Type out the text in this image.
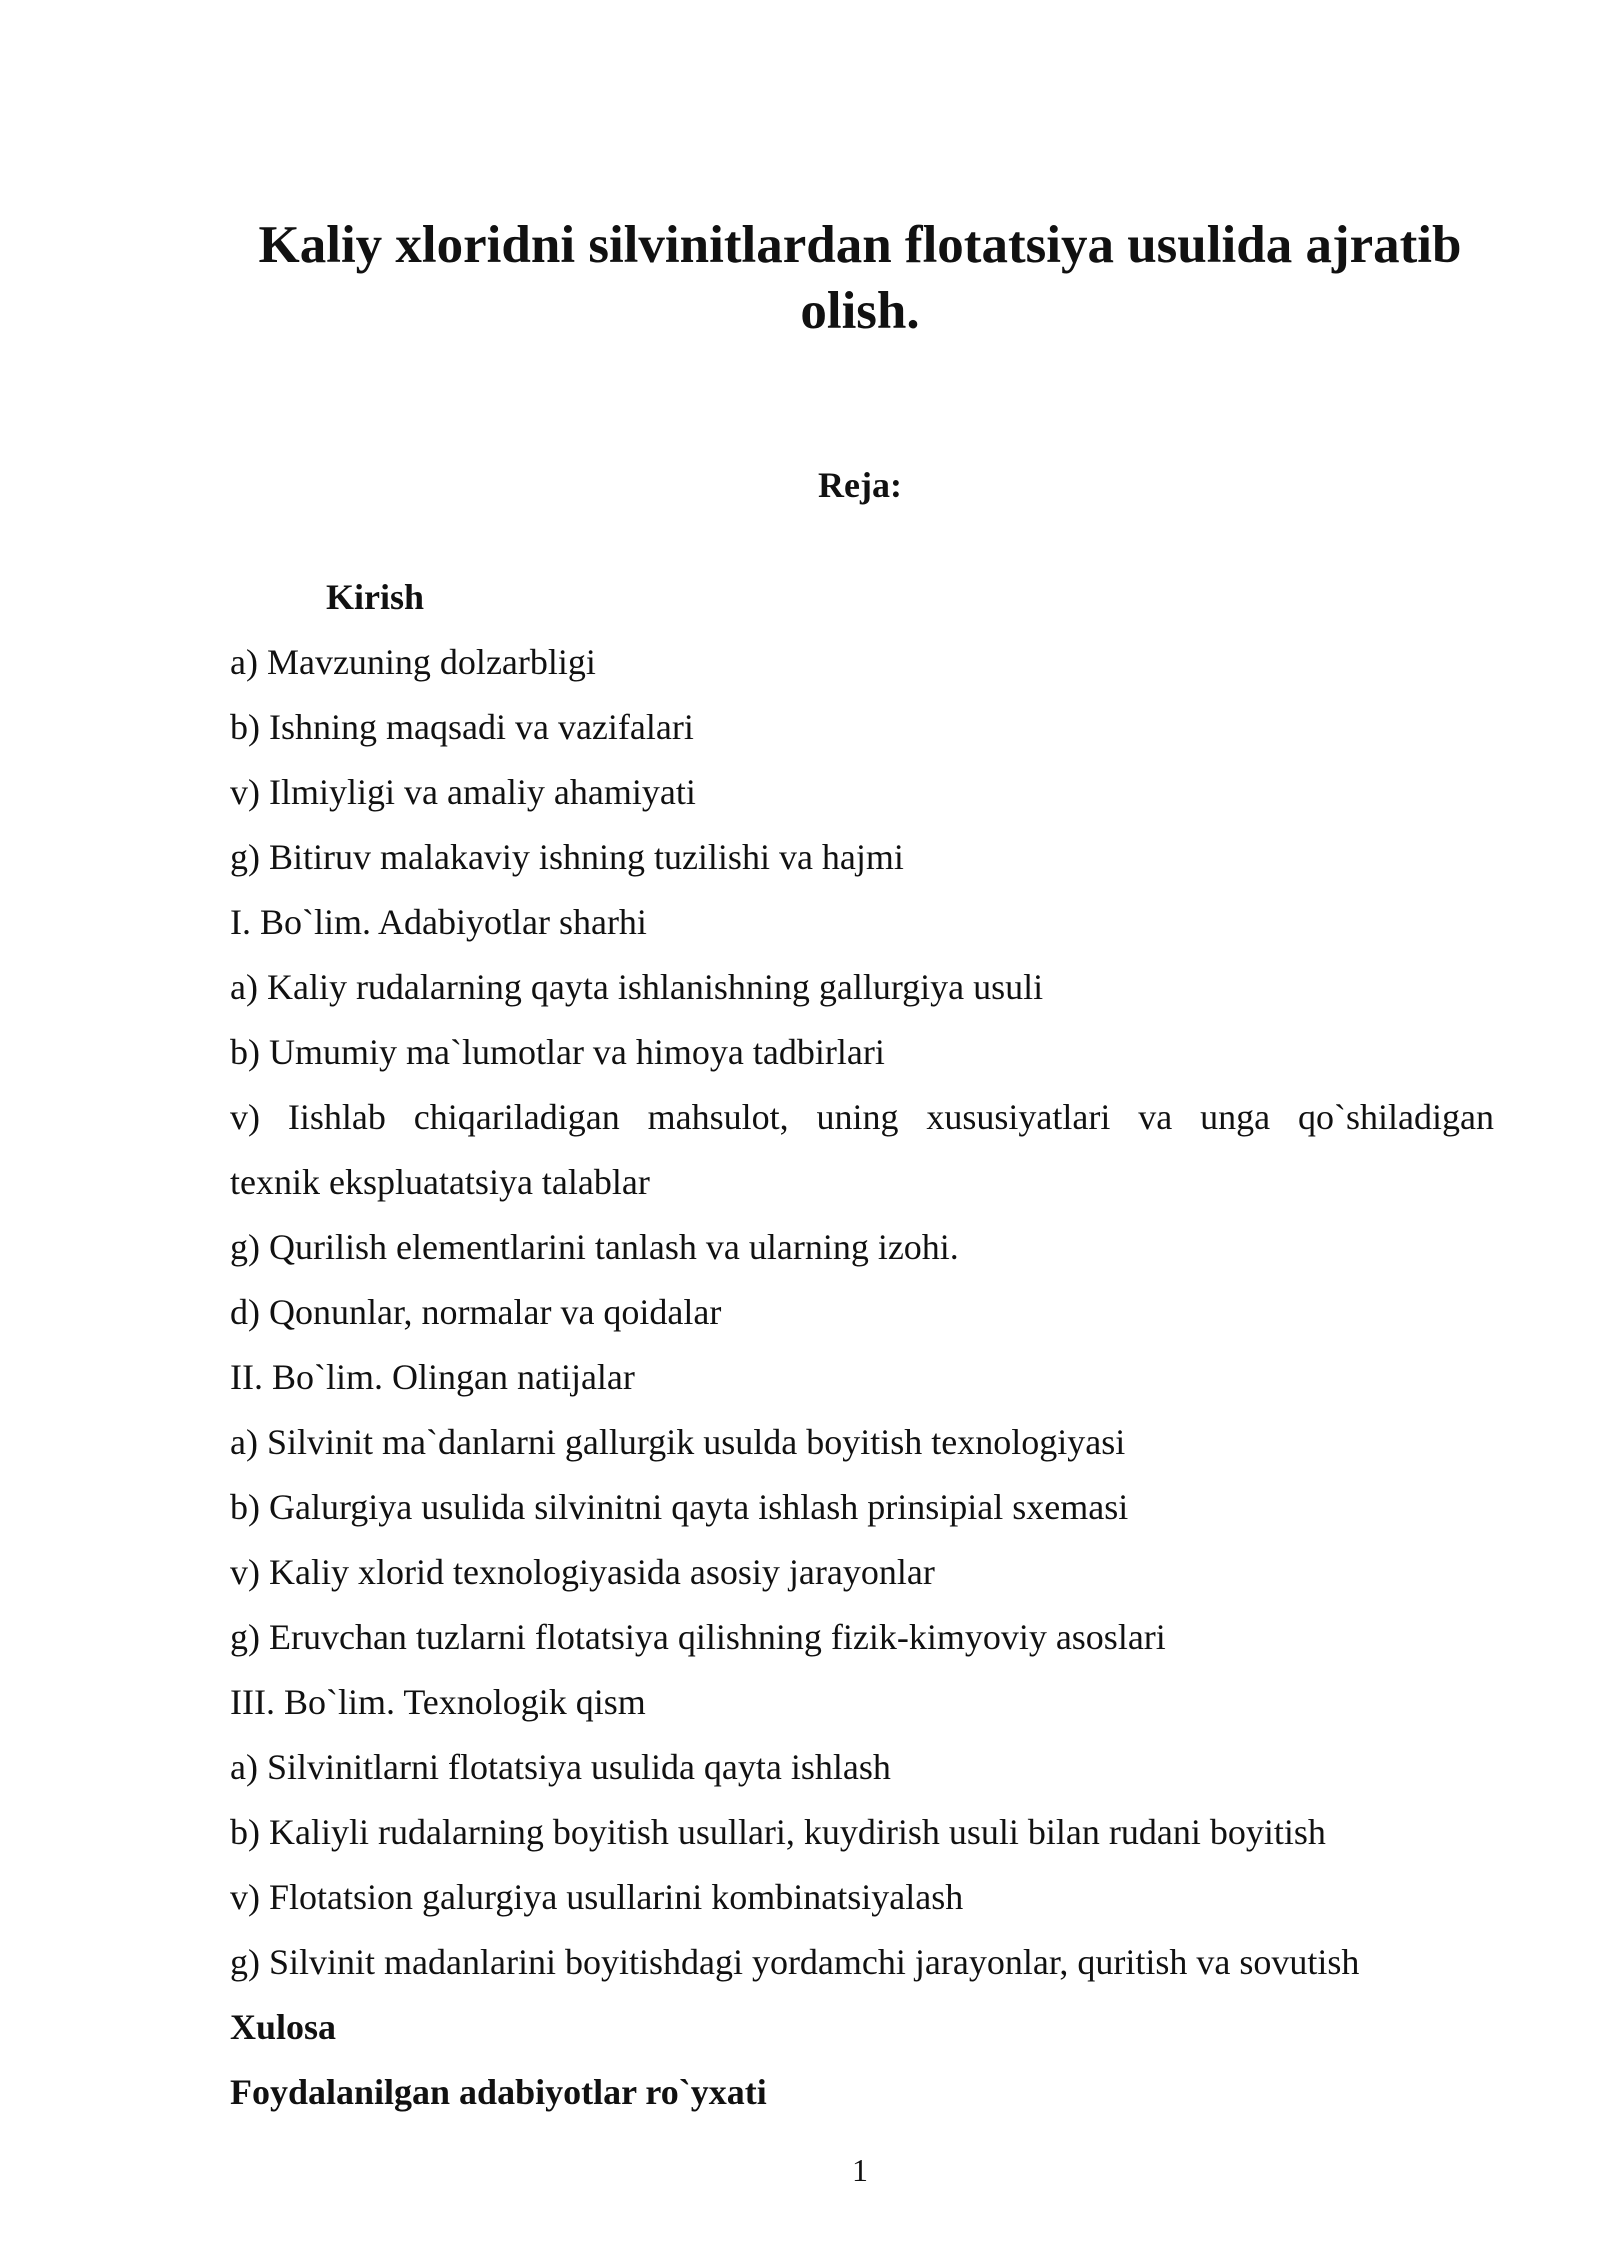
Kaliy xloridni silvinitlardan flotatsiya usulida ajratib olish.
Reja:
Kirish
a) Mavzuning dolzarbligi
b) Ishning maqsadi va vazifalari
v) Ilmiyligi va amaliy ahamiyati
g) Bitiruv malakaviy ishning tuzilishi va hajmi
I. Bo`lim. Adabiyotlar sharhi
a) Kaliy rudalarning qayta ishlanishning gallurgiya usuli
b) Umumiy ma`lumotlar va himoya tadbirlari
v) Iishlab chiqariladigan mahsulot, uning xususiyatlari va unga qo`shiladigan
texnik ekspluatatsiya talablar
g) Qurilish elementlarini tanlash va ularning izohi.
d) Qonunlar, normalar va qoidalar
II. Bo`lim. Olingan natijalar
a) Silvinit ma`danlarni gallurgik usulda boyitish texnologiyasi
b) Galurgiya usulida silvinitni qayta ishlash prinsipial sxemasi
v) Kaliy xlorid texnologiyasida asosiy jarayonlar
g) Eruvchan tuzlarni flotatsiya qilishning fizik-kimyoviy asoslari
III. Bo`lim. Texnologik qism
a) Silvinitlarni flotatsiya usulida qayta ishlash
b) Kaliyli rudalarning boyitish usullari, kuydirish usuli bilan rudani boyitish
v) Flotatsion galurgiya usullarini kombinatsiyalash
g) Silvinit madanlarini boyitishdagi yordamchi jarayonlar, quritish va sovutish
Xulosa
Foydalanilgan adabiyotlar ro`yxati
1
